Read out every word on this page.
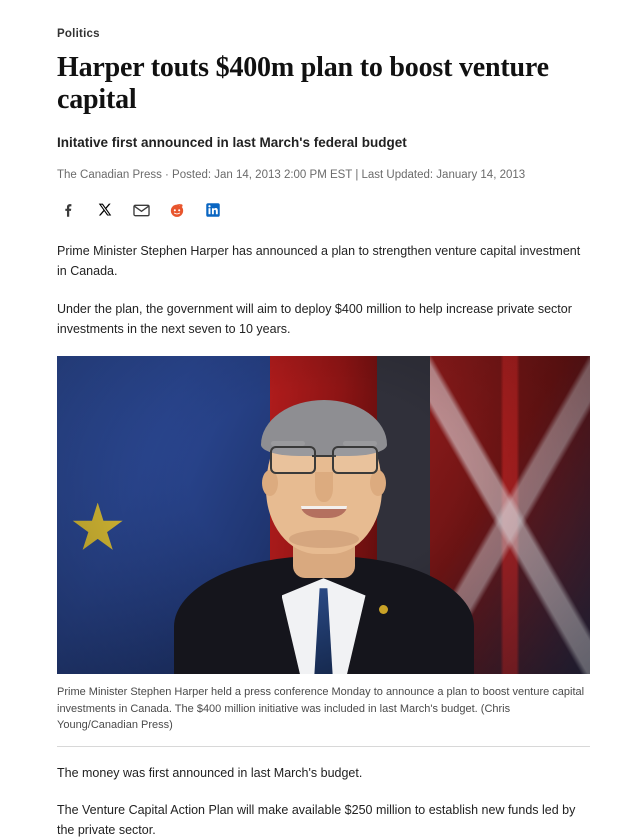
Politics
Harper touts $400m plan to boost venture capital
Initative first announced in last March's federal budget
The Canadian Press · Posted: Jan 14, 2013 2:00 PM EST | Last Updated: January 14, 2013

Prime Minister Stephen Harper has announced a plan to strengthen venture capital investment in Canada.

Under the plan, the government will aim to deploy $400 million to help increase private sector investments in the next seven to 10 years.

Prime Minister Stephen Harper held a press conference Monday to announce a plan to boost venture capital investments in Canada. The $400 million initiative was included in last March's budget. (Chris Young/Canadian Press)

The money was first announced in last March's budget.

The Venture Capital Action Plan will make available $250 million to establish new funds led by the private sector.
